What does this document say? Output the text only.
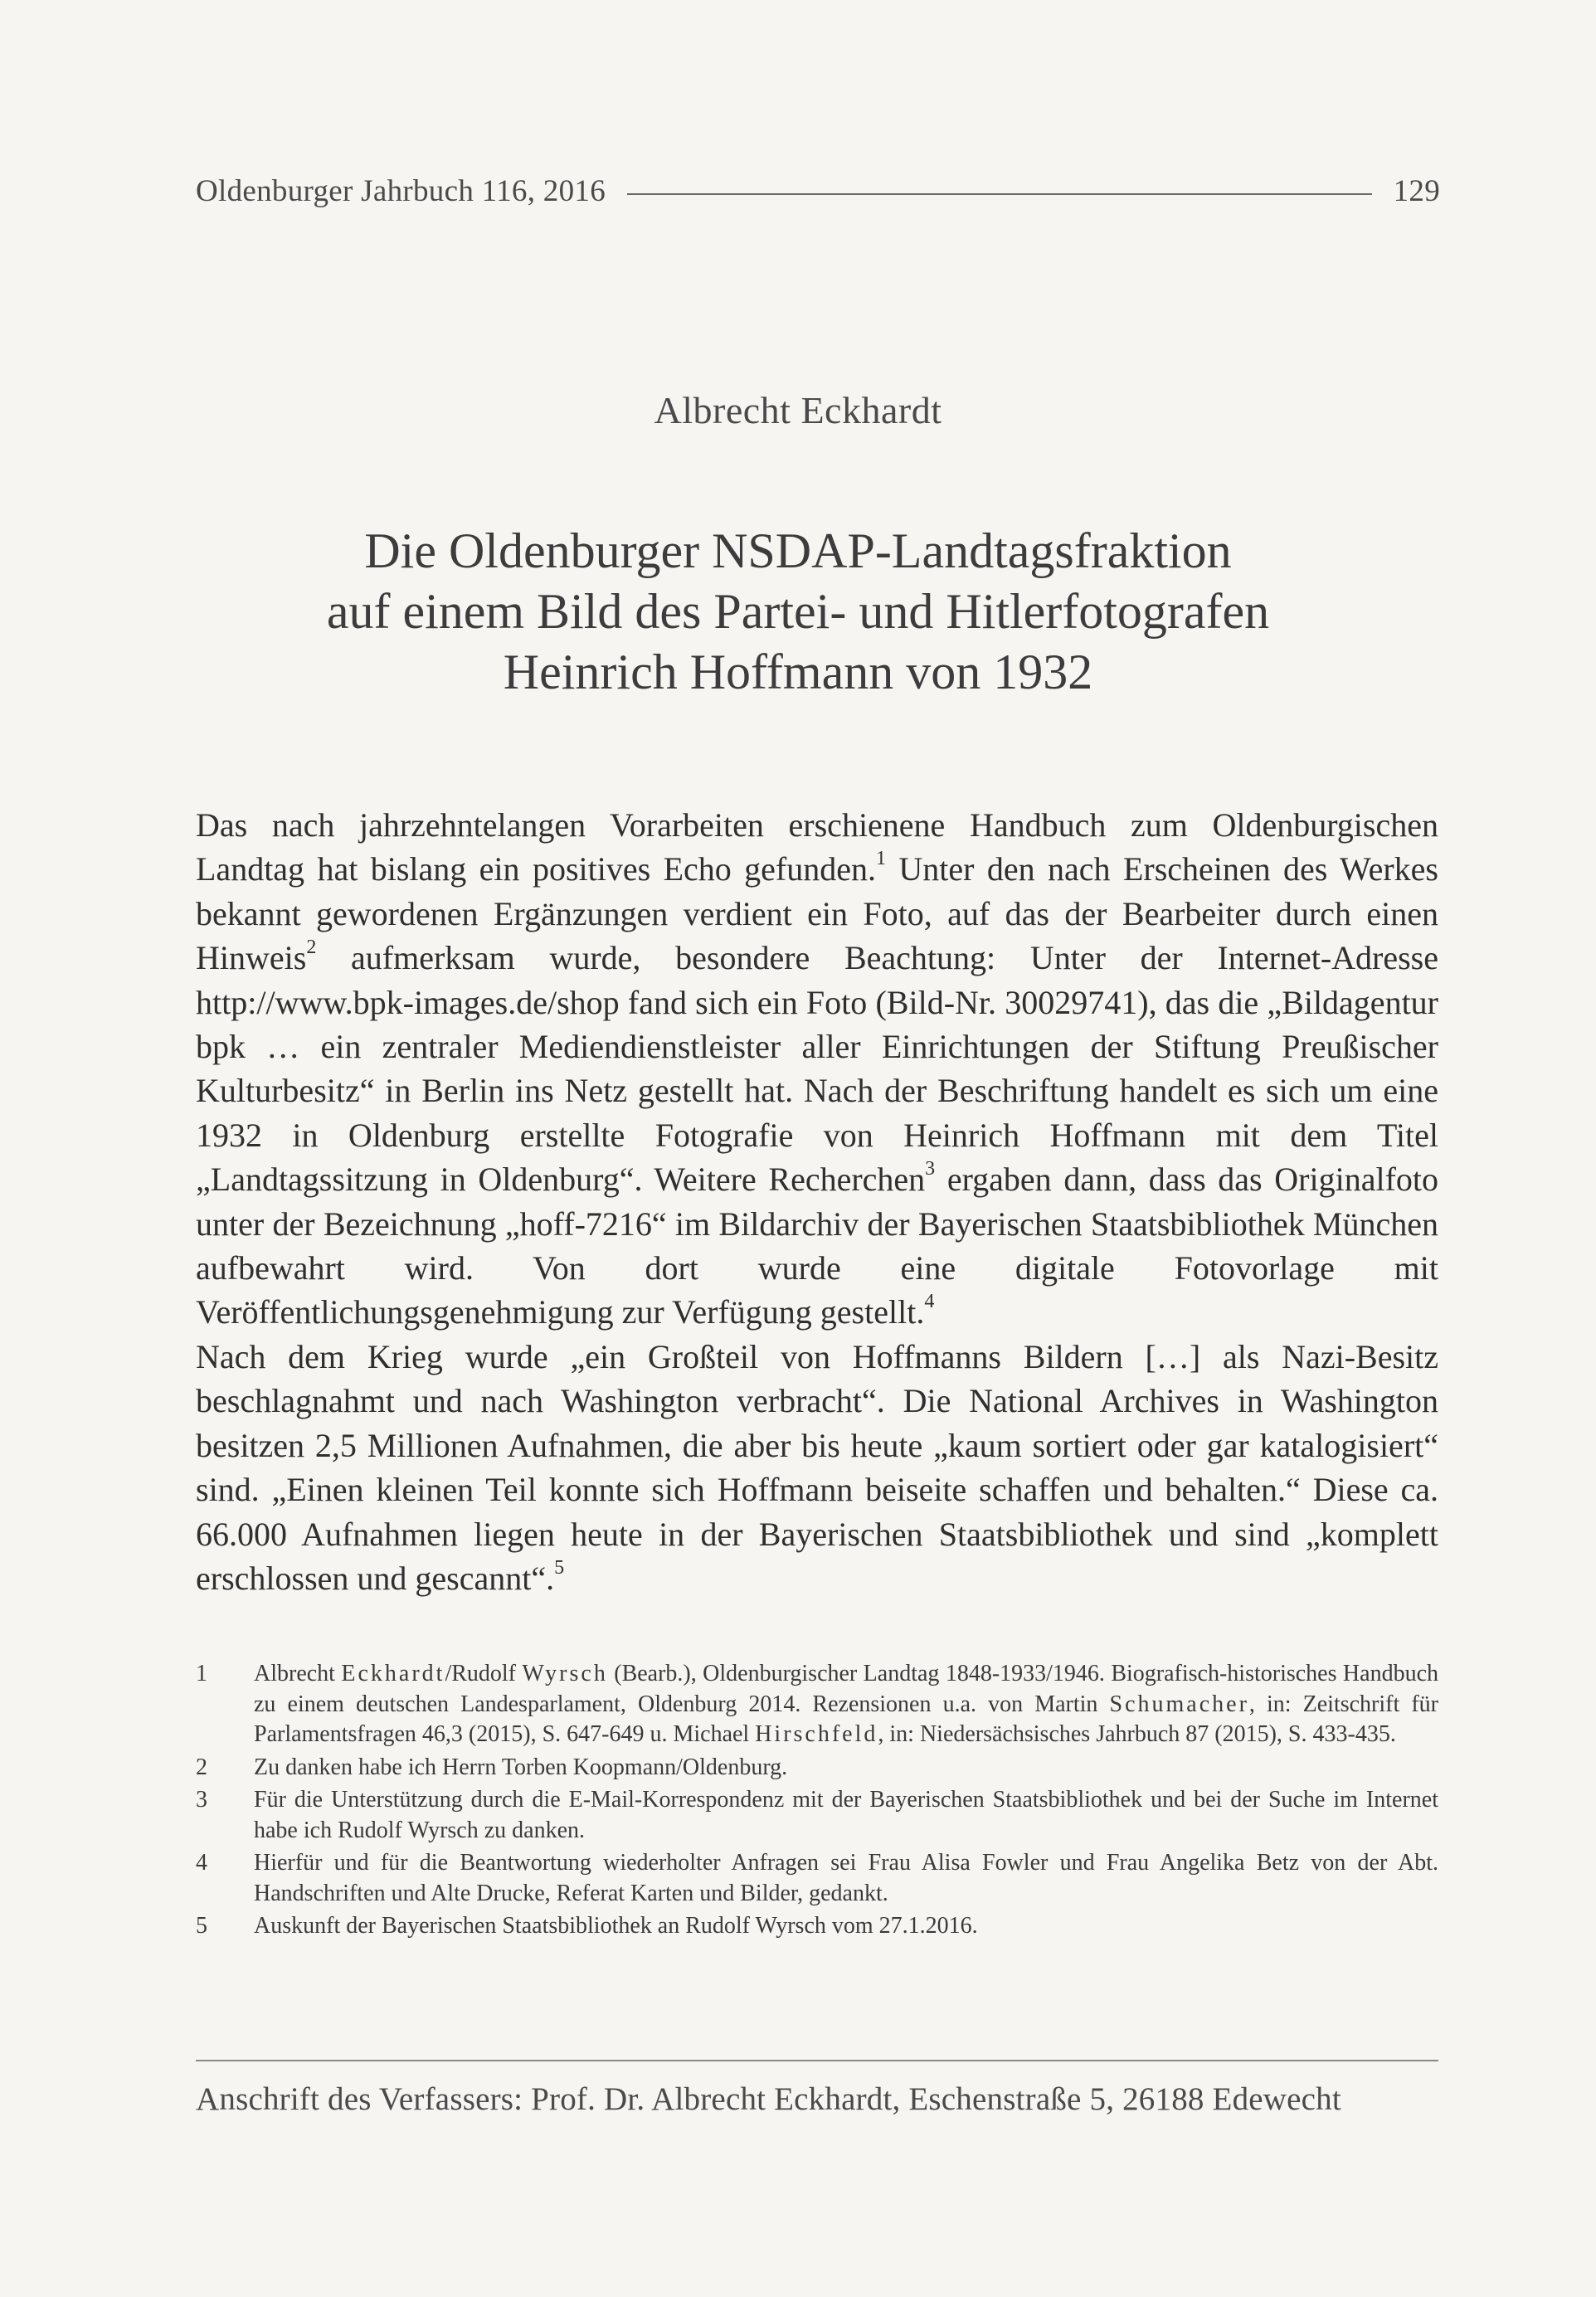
Oldenburger Jahrbuch 116, 2016	129
Albrecht Eckhardt
Die Oldenburger NSDAP-Landtagsfraktion
auf einem Bild des Partei- und Hitlerfotografen
Heinrich Hoffmann von 1932

Das nach jahrzehntelangen Vorarbeiten erschienene Handbuch zum Oldenburgischen Landtag hat bislang ein positives Echo gefunden.$^1$ Unter den nach Erscheinen des Werkes bekannt gewordenen Ergänzungen verdient ein Foto, auf das der Bearbeiter durch einen Hinweis$^2$ aufmerksam wurde, besondere Beachtung: Unter der Internet-Adresse http://www.bpk-images.de/shop fand sich ein Foto (Bild-Nr. 30029741), das die „Bildagentur bpk … ein zentraler Mediendienstleister aller Einrichtungen der Stiftung Preußischer Kulturbesitz“ in Berlin ins Netz gestellt hat. Nach der Beschriftung handelt es sich um eine 1932 in Oldenburg erstellte Fotografie von Heinrich Hoffmann mit dem Titel „Landtagssitzung in Oldenburg“. Weitere Recherchen$^3$ ergaben dann, dass das Originalfoto unter der Bezeichnung „hoff-7216“ im Bildarchiv der Bayerischen Staatsbibliothek München aufbewahrt wird. Von dort wurde eine digitale Fotovorlage mit Veröffentlichungsgenehmigung zur Verfügung gestellt.$^4$

Nach dem Krieg wurde „ein Großteil von Hoffmanns Bildern […] als Nazi-Besitz beschlagnahmt und nach Washington verbracht“. Die National Archives in Washington besitzen 2,5 Millionen Aufnahmen, die aber bis heute „kaum sortiert oder gar katalogisiert“ sind. „Einen kleinen Teil konnte sich Hoffmann beiseite schaffen und behalten.“ Diese ca. 66.000 Aufnahmen liegen heute in der Bayerischen Staatsbibliothek und sind „komplett erschlossen und gescannt“.$^5$

1	Albrecht Eckhardt/Rudolf Wyrsch (Bearb.), Oldenburgischer Landtag 1848-1933/1946. Biografisch-historisches Handbuch zu einem deutschen Landesparlament, Oldenburg 2014. Rezensionen u.a. von Martin Schumacher, in: Zeitschrift für Parlamentsfragen 46,3 (2015), S. 647-649 u. Michael Hirschfeld, in: Niedersächsisches Jahrbuch 87 (2015), S. 433-435.
2	Zu danken habe ich Herrn Torben Koopmann/Oldenburg.
3	Für die Unterstützung durch die E-Mail-Korrespondenz mit der Bayerischen Staatsbibliothek und bei der Suche im Internet habe ich Rudolf Wyrsch zu danken.
4	Hierfür und für die Beantwortung wiederholter Anfragen sei Frau Alisa Fowler und Frau Angelika Betz von der Abt. Handschriften und Alte Drucke, Referat Karten und Bilder, gedankt.
5	Auskunft der Bayerischen Staatsbibliothek an Rudolf Wyrsch vom 27.1.2016.
Anschrift des Verfassers: Prof. Dr. Albrecht Eckhardt, Eschenstraße 5, 26188 Edewecht
